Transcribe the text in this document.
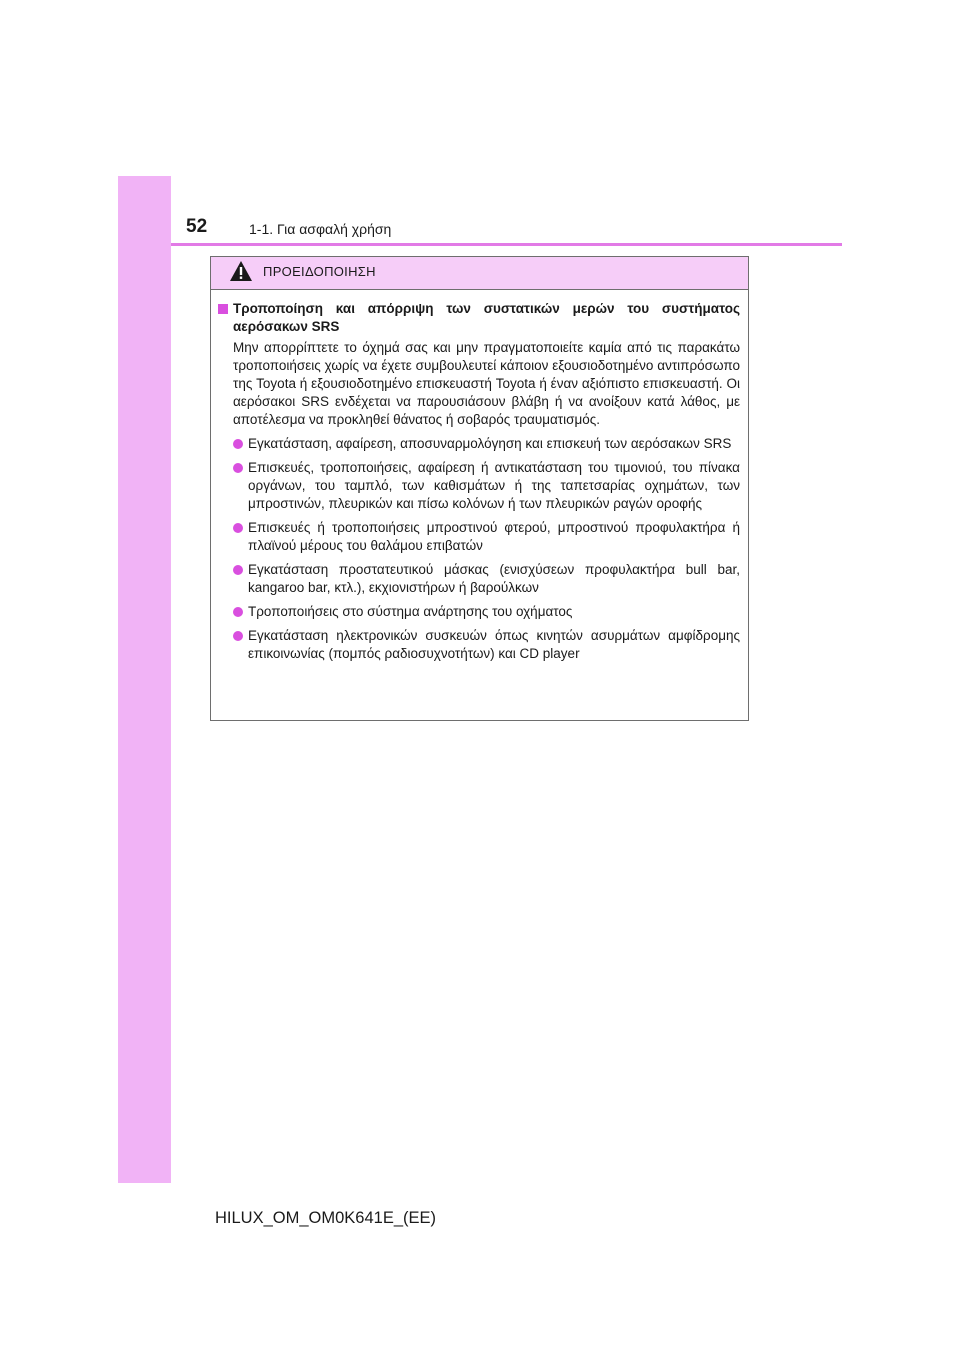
52	1-1. Για ασφαλή χρήση
ΠΡΟΕΙΔΟΠΟΙΗΣΗ
Τροποποίηση και απόρριψη των συστατικών μερών του συστήματος αερόσακων SRS

Μην απορρίπτετε το όχημά σας και μην πραγματοποιείτε καμία από τις παρακάτω τροποποιήσεις χωρίς να έχετε συμβουλευτεί κάποιον εξουσιοδοτημένο αντιπρόσωπο της Toyota ή εξουσιοδοτημένο επισκευαστή Toyota ή έναν αξιόπιστο επισκευαστή. Οι αερόσακοι SRS ενδέχεται να παρουσιάσουν βλάβη ή να ανοίξουν κατά λάθος, με αποτέλεσμα να προκληθεί θάνατος ή σοβαρός τραυματισμός.

Εγκατάσταση, αφαίρεση, αποσυναρμολόγηση και επισκευή των αερόσακων SRS
Επισκευές, τροποποιήσεις, αφαίρεση ή αντικατάσταση του τιμονιού, του πίνακα οργάνων, του ταμπλό, των καθισμάτων ή της ταπετσαρίας οχημάτων, των μπροστινών, πλευρικών και πίσω κολόνων ή των πλευρικών ραγών οροφής
Επισκευές ή τροποποιήσεις μπροστινού φτερού, μπροστινού προφυλακτήρα ή πλαϊνού μέρους του θαλάμου επιβατών
Εγκατάσταση προστατευτικού μάσκας (ενισχύσεων προφυλακτήρα bull bar, kangaroo bar, κτλ.), εκχιονιστήρων ή βαρούλκων
Τροποποιήσεις στο σύστημα ανάρτησης του οχήματος
Εγκατάσταση ηλεκτρονικών συσκευών όπως κινητών ασυρμάτων αμφίδρομης επικοινωνίας (πομπός ραδιοσυχνοτήτων) και CD player
HILUX_OM_OM0K641E_(EE)
